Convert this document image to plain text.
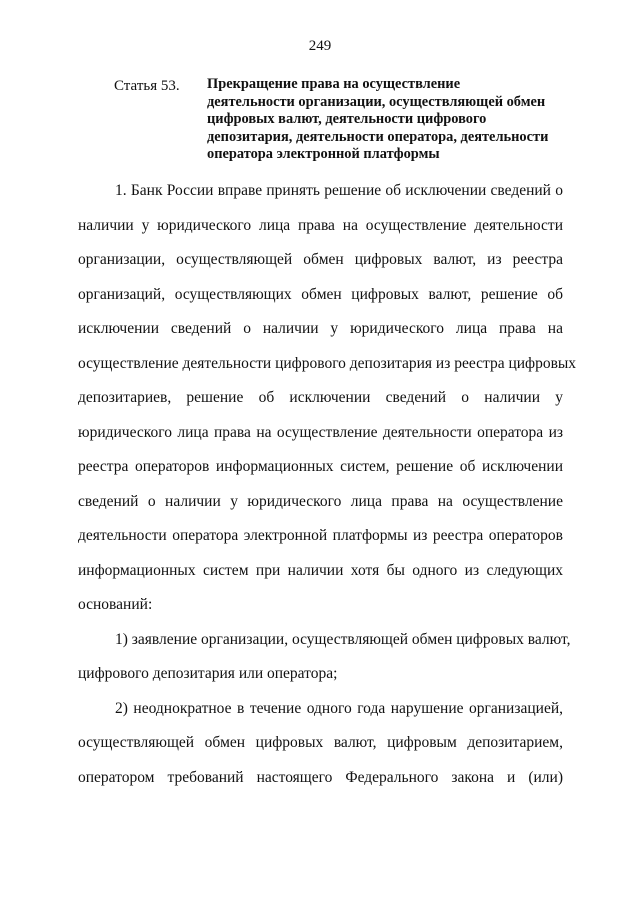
249
Статья 53. Прекращение права на осуществление
деятельности организации, осуществляющей обмен
цифровых валют, деятельности цифрового
депозитария, деятельности оператора, деятельности
оператора электронной платформы
1. Банк России вправе принять решение об исключении сведений о
наличии у юридического лица права на осуществление деятельности
организации, осуществляющей обмен цифровых валют, из реестра
организаций, осуществляющих обмен цифровых валют, решение об
исключении сведений о наличии у юридического лица права на
осуществление деятельности цифрового депозитария из реестра цифровых
депозитариев, решение об исключении сведений о наличии у
юридического лица права на осуществление деятельности оператора из
реестра операторов информационных систем, решение об исключении
сведений о наличии у юридического лица права на осуществление
деятельности оператора электронной платформы из реестра операторов
информационных систем при наличии хотя бы одного из следующих
оснований:
1) заявление организации, осуществляющей обмен цифровых валют,
цифрового депозитария или оператора;
2) неоднократное в течение одного года нарушение организацией,
осуществляющей обмен цифровых валют, цифровым депозитарием,
оператором требований настоящего Федерального закона и (или)
